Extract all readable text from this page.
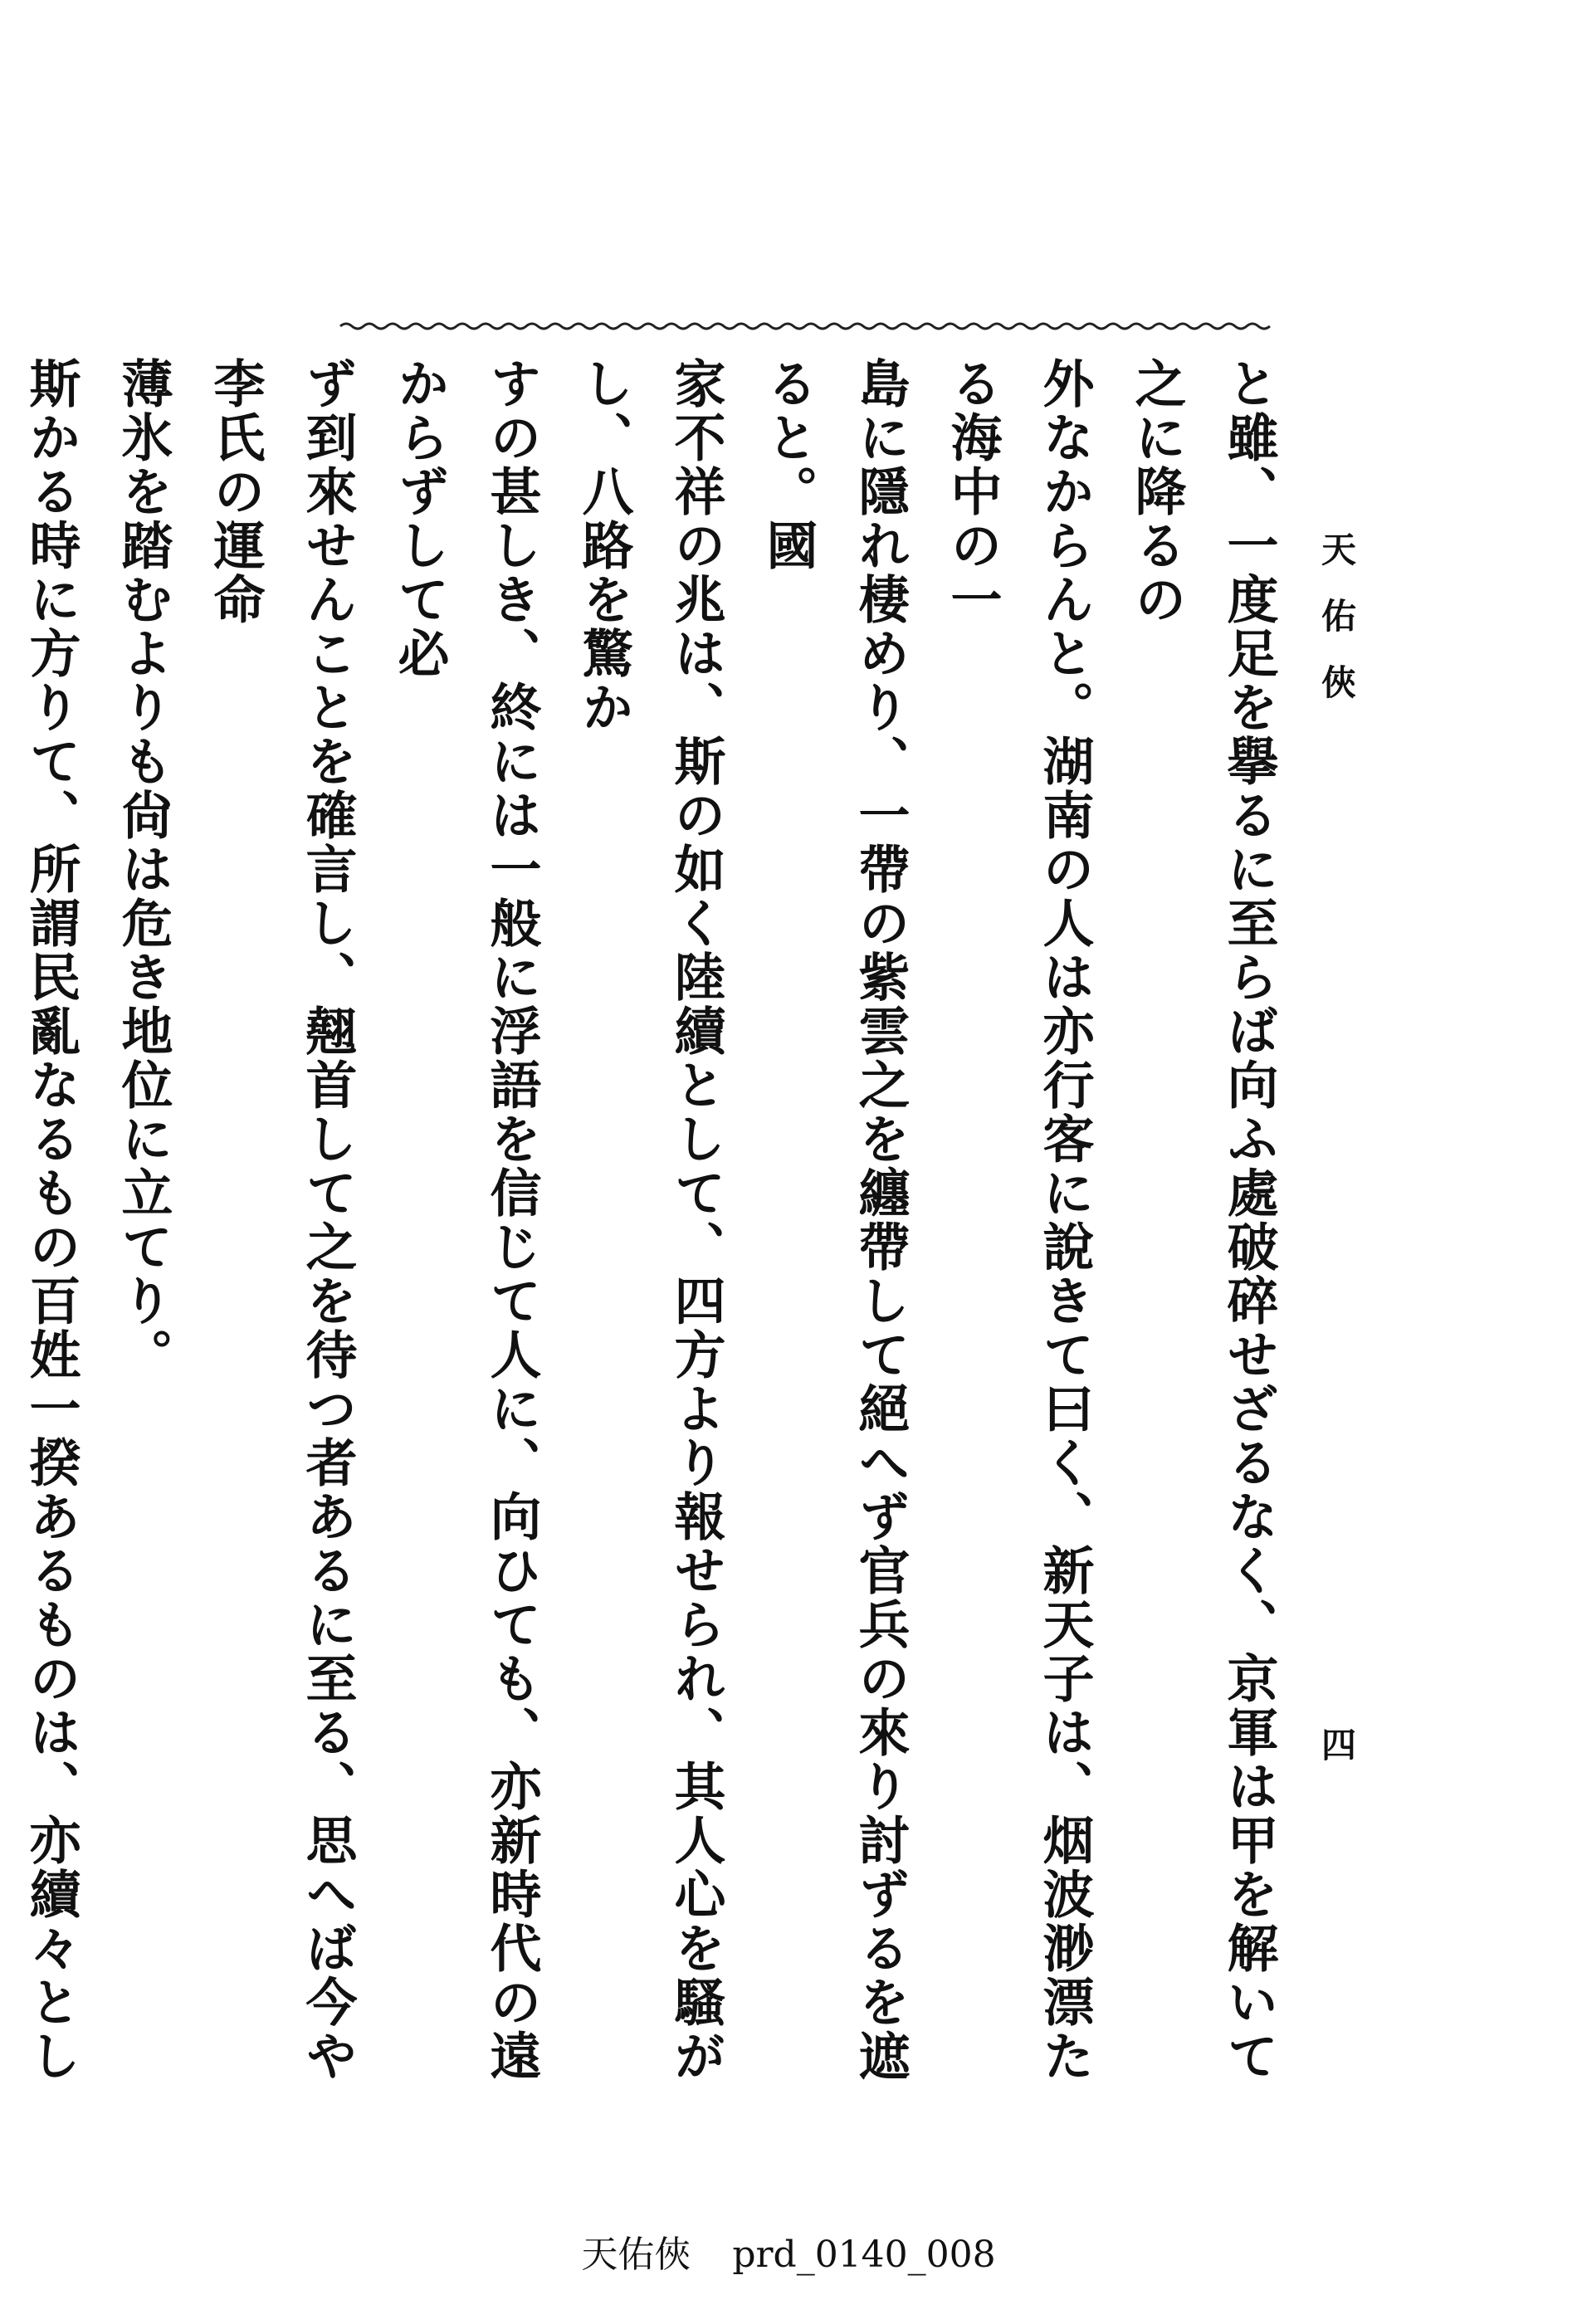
天佑俠
四
と雖、一度足を擧るに至らば向ふ處破碎せざるなく、京軍は甲を解いて之に降るの
外なからんと。湖南の人は亦行客に說きて曰く、新天子は、烟波渺漂たる海中の一
島に隱れ棲めり、一帶の紫雲之を纏帶して絕へず官兵の來り討ずるを遮ると。國
家不祥の兆は、斯の如く陸續として、四方より報せられ、其人心を騷がし、八路を驚か
すの甚しき、終には一般に浮語を信じて人に、向ひても、亦新時代の遠からずして必
ず到來せんことを確言し、翹首して之を待つ者あるに至る、思へば今や李氏の運命
薄氷を踏むよりも尙は危き地位に立てり。
斯かる時に方りて、所謂民亂なるもの百姓一揆あるものは、亦續々とし
天佑俠 prd_0140_008
